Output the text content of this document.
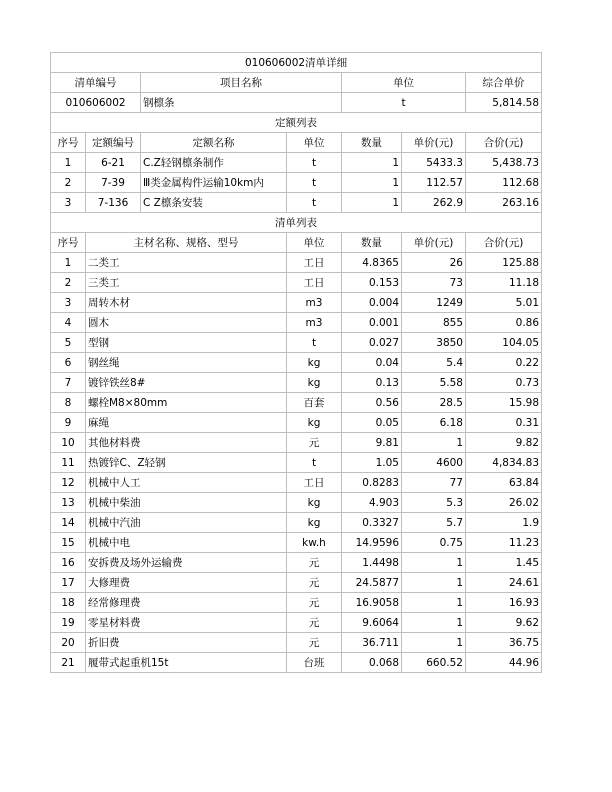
010606002清单详细						
清单编号		项目名称		单位		综合单价
010606002		钢檩条		t		5,814.58
定额列表						
序号	定额编号	定额名称	单位	数量	单价(元)	合价(元)
1	6-21	C.Z轻钢檩条制作	t	1	5433.3	5,438.73
2	7-39	Ⅲ类金属构件运输10km内	t	1	112.57	112.68
3	7-136	C Z檩条安装	t	1	262.9	263.16
清单列表						
序号	主材名称、规格、型号		单位	数量	单价(元)	合价(元)
1	二类工		工日	4.8365	26	125.88
2	三类工		工日	0.153	73	11.18
3	周转木材		m3	0.004	1249	5.01
4	圆木		m3	0.001	855	0.86
5	型钢		t	0.027	3850	104.05
6	钢丝绳		kg	0.04	5.4	0.22
7	镀锌铁丝8#		kg	0.13	5.58	0.73
8	螺栓M8×80mm		百套	0.56	28.5	15.98
9	麻绳		kg	0.05	6.18	0.31
10	其他材料费		元	9.81	1	9.82
11	热镀锌C、Z轻钢		t	1.05	4600	4,834.83
12	机械中人工		工日	0.8283	77	63.84
13	机械中柴油		kg	4.903	5.3	26.02
14	机械中汽油		kg	0.3327	5.7	1.9
15	机械中电		kw.h	14.9596	0.75	11.23
16	安拆费及场外运输费		元	1.4498	1	1.45
17	大修理费		元	24.5877	1	24.61
18	经常修理费		元	16.9058	1	16.93
19	零星材料费		元	9.6064	1	9.62
20	折旧费		元	36.711	1	36.75
21	履带式起重机15t		台班	0.068	660.52	44.96
